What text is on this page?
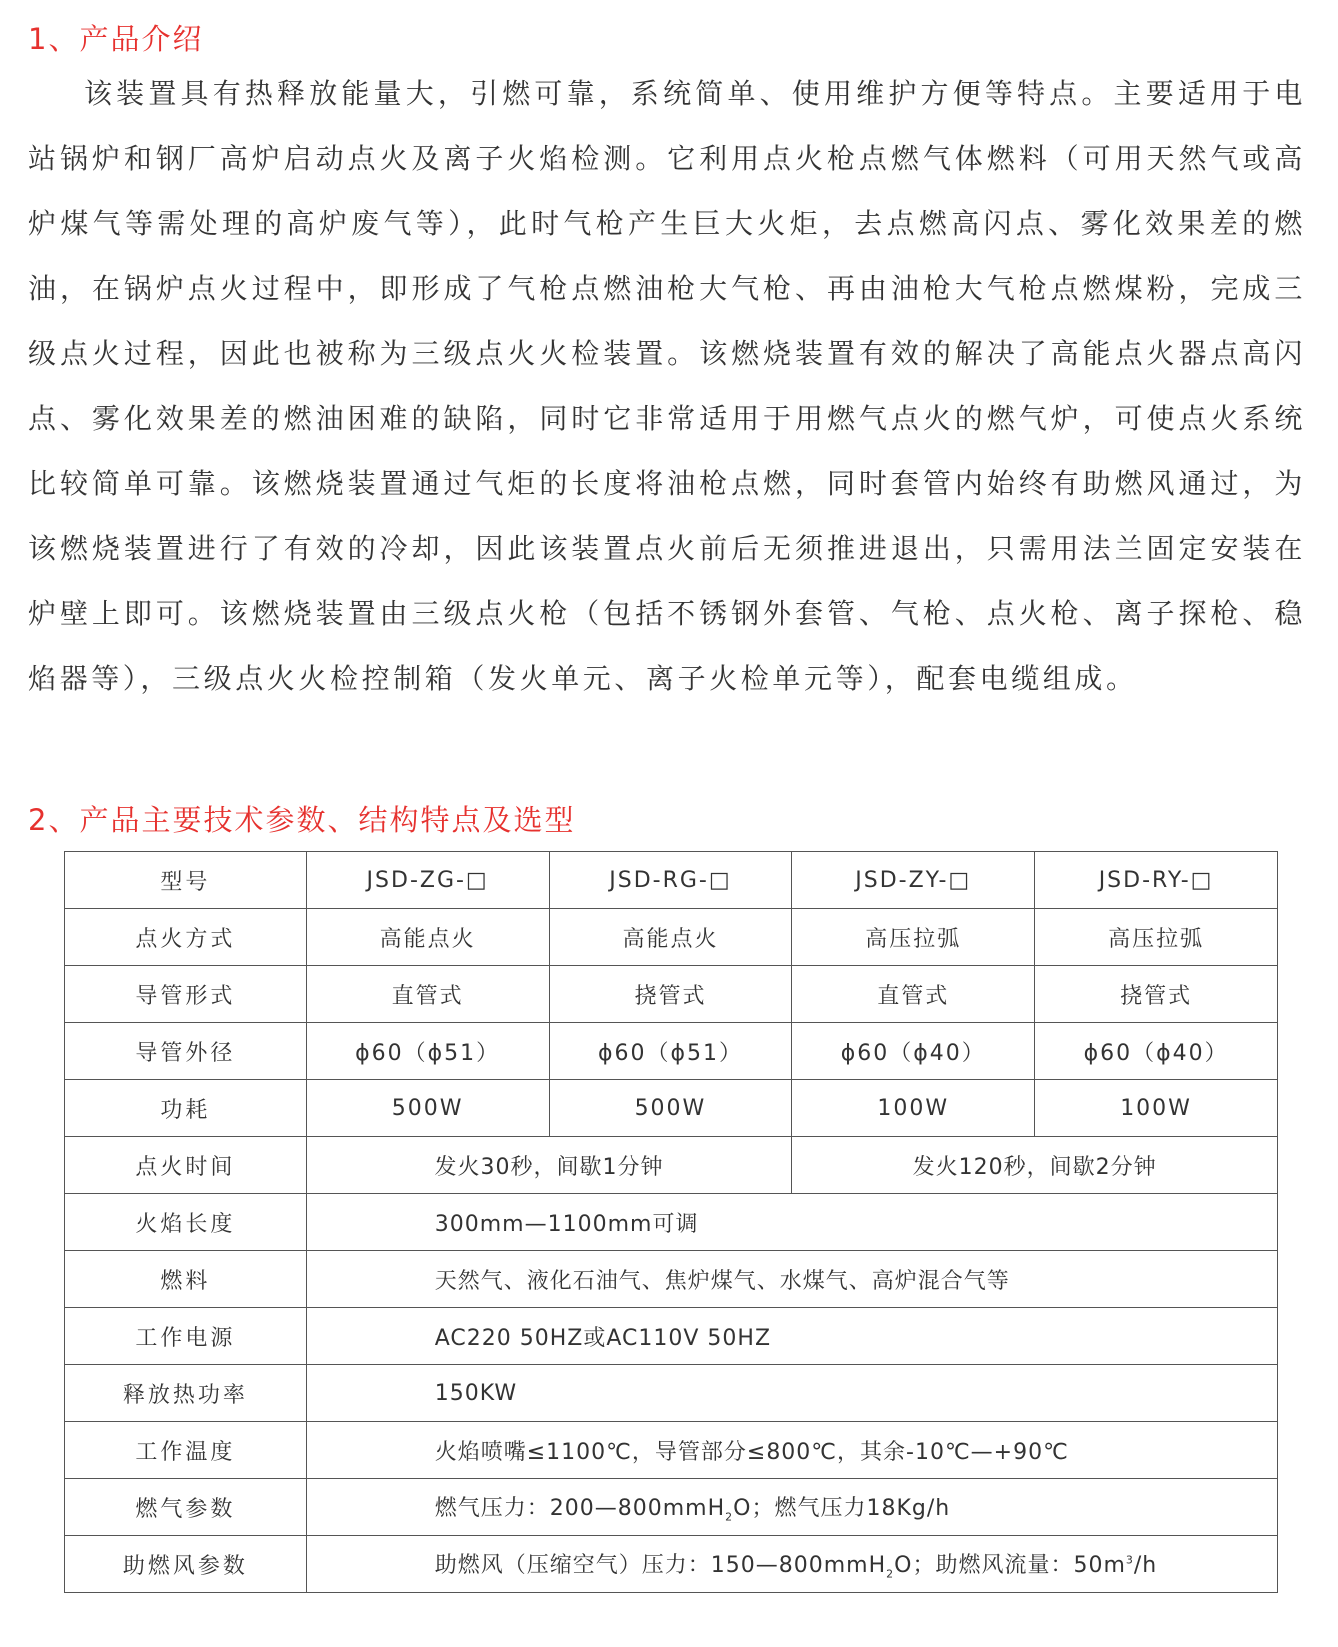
1、产品介绍

该装置具有热释放能量大，引燃可靠，系统简单、使用维护方便等特点。主要适用于电站锅炉和钢厂高炉启动点火及离子火焰检测。它利用点火枪点燃气体燃料（可用天然气或高炉煤气等需处理的高炉废气等），此时气枪产生巨大火炬，去点燃高闪点、雾化效果差的燃油，在锅炉点火过程中，即形成了气枪点燃油枪大气枪、再由油枪大气枪点燃煤粉，完成三级点火过程，因此也被称为三级点火火检装置。该燃烧装置有效的解决了高能点火器点高闪点、雾化效果差的燃油困难的缺陷，同时它非常适用于用燃气点火的燃气炉，可使点火系统比较简单可靠。该燃烧装置通过气炬的长度将油枪点燃，同时套管内始终有助燃风通过，为该燃烧装置进行了有效的冷却，因此该装置点火前后无须推进退出，只需用法兰固定安装在炉壁上即可。该燃烧装置由三级点火枪（包括不锈钢外套管、气枪、点火枪、离子探枪、稳焰器等），三级点火火检控制箱（发火单元、离子火检单元等），配套电缆组成。

2、产品主要技术参数、结构特点及选型
型号	JSD-ZG-□	JSD-RG-□	JSD-ZY-□	JSD-RY-□
点火方式	高能点火	高能点火	高压拉弧	高压拉弧
导管形式	直管式	挠管式	直管式	挠管式
导管外径	ϕ60（ϕ51）	ϕ60（ϕ51）	ϕ60（ϕ40）	ϕ60（ϕ40）
功耗	500W	500W	100W	100W
点火时间	发火30秒，间歇1分钟		发火120秒，间歇2分钟	
火焰长度	300mm—1100mm可调			
燃料	天然气、液化石油气、焦炉煤气、水煤气、高炉混合气等			
工作电源	AC220 50HZ或AC110V 50HZ			
释放热功率	150KW			
工作温度	火焰喷嘴≤1100℃，导管部分≤800℃，其余-10℃—+90℃			
燃气参数	燃气压力：200—800mmH$_2$O；燃气压力18Kg/h			
助燃风参数	助燃风（压缩空气）压力：150—800mmH$_2$O；助燃风流量：$50m^3/h$			
